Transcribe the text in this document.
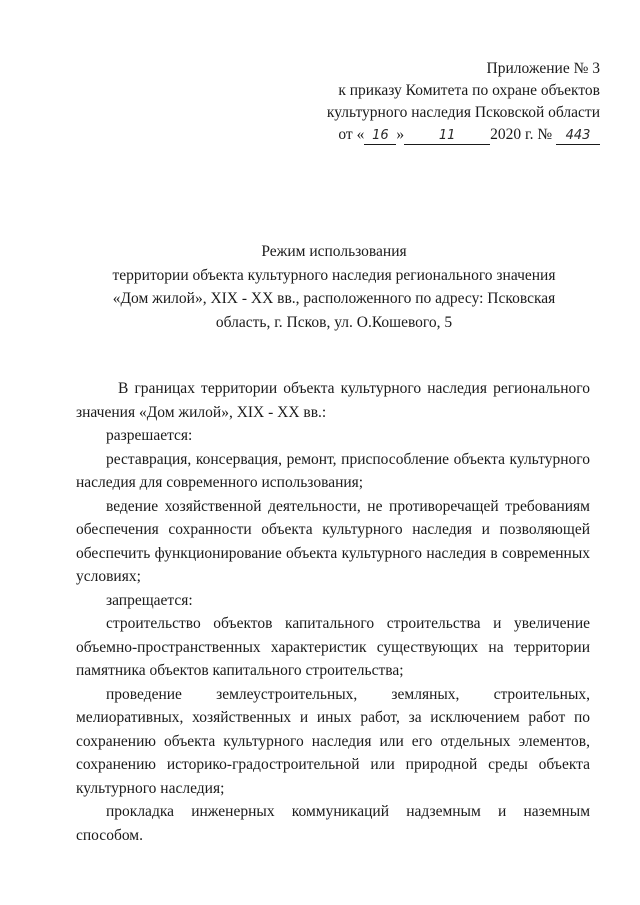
Приложение № 3
к приказу Комитета по охране объектов
культурного наследия Псковской области
от « 16 »	11 2020 г. № 443
Режим использования
территории объекта культурного наследия регионального значения
«Дом жилой», XIX - XX вв., расположенного по адресу: Псковская
область, г. Псков, ул. О.Кошевого, 5

В границах территории объекта культурного наследия регионального значения «Дом жилой», XIX - XX вв.:

разрешается:

реставрация, консервация, ремонт, приспособление объекта культурного наследия для современного использования;

ведение хозяйственной деятельности, не противоречащей требованиям обеспечения сохранности объекта культурного наследия и позволяющей обеспечить функционирование объекта культурного наследия в современных условиях;

запрещается:

строительство объектов капитального строительства и увеличение объемно-пространственных характеристик существующих на территории памятника объектов капитального строительства;

проведение землеустроительных, земляных, строительных, мелиоративных, хозяйственных и иных работ, за исключением работ по сохранению объекта культурного наследия или его отдельных элементов, сохранению историко-градостроительной или природной среды объекта культурного наследия;

прокладка инженерных коммуникаций надземным и наземным способом.
